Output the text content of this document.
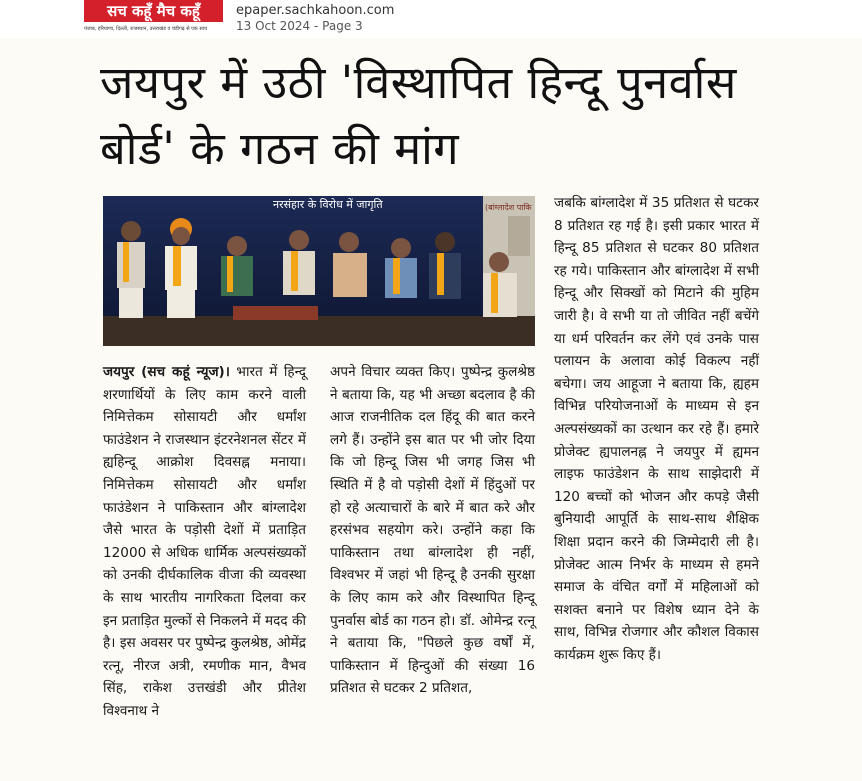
सच कहूँ मैच कहूँ
पंजाब, हरियाणा, दिल्ली, राजस्थान, उत्तराखंड व चंडीगढ़ से एक साथ
epaper.sachkahoon.com
13 Oct 2024 - Page 3
जयपुर में उठी 'विस्थापित हिन्दू पुनर्वास बोर्ड' के गठन की मांग
नरसंहार के विरोध में जागृति	(बांग्लादेश पाकि

जयपुर (सच कहूं न्यूज)। भारत में हिन्दू शरणार्थियों के लिए काम करने वाली निमित्तेकम सोसायटी और धर्मांश फाउंडेशन ने राजस्थान इंटरनेशनल सेंटर में ह्यहिन्दू आक्रोश दिवसह्न मनाया। निमित्तेकम सोसायटी और धर्मांश फाउंडेशन ने पाकिस्तान और बांग्लादेश जैसे भारत के पड़ोसी देशों में प्रताड़ित 12000 से अधिक धार्मिक अल्पसंख्यकों को उनकी दीर्घकालिक वीजा की व्यवस्था के साथ भारतीय नागरिकता दिलवा कर इन प्रताड़ित मुल्कों से निकलने में मदद की है। इस अवसर पर पुष्पेन्द्र कुलश्रेष्ठ, ओमेंद्र रत्नू, नीरज अत्री, रमणीक मान, वैभव सिंह, राकेश उत्तखंडी और प्रीतेश विश्वनाथ ने

अपने विचार व्यक्त किए। पुष्पेन्द्र कुलश्रेष्ठ ने बताया कि, यह भी अच्छा बदलाव है की आज राजनीतिक दल हिंदू की बात करने लगे हैं। उन्होंने इस बात पर भी जोर दिया कि जो हिन्दू जिस भी जगह जिस भी स्थिति में है वो पड़ोसी देशों में हिंदुओं पर हो रहे अत्याचारों के बारे में बात करे और हरसंभव सहयोग करे। उन्होंने कहा कि पाकिस्तान तथा बांग्लादेश ही नहीं, विश्वभर में जहां भी हिन्दू है उनकी सुरक्षा के लिए काम करे और विस्थापित हिन्दू पुनर्वास बोर्ड का गठन हो। डॉ. ओमेन्द्र रत्नू ने बताया कि, "पिछले कुछ वर्षों में, पाकिस्तान में हिन्दुओं की संख्या 16 प्रतिशत से घटकर 2 प्रतिशत,

जबकि बांग्लादेश में 35 प्रतिशत से घटकर 8 प्रतिशत रह गई है। इसी प्रकार भारत में हिन्दू 85 प्रतिशत से घटकर 80 प्रतिशत रह गये। पाकिस्तान और बांग्लादेश में सभी हिन्दू और सिक्खों को मिटाने की मुहिम जारी है। वे सभी या तो जीवित नहीं बचेंगे या धर्म परिवर्तन कर लेंगे एवं उनके पास पलायन के अलावा कोई विकल्प नहीं बचेगा। जय आहूजा ने बताया कि, ह्यहम विभिन्न परियोजनाओं के माध्यम से इन अल्पसंख्यकों का उत्थान कर रहे हैं। हमारे प्रोजेक्ट ह्यपालनह्न ने जयपुर में ह्यमन लाइफ फाउंडेशन के साथ साझेदारी में 120 बच्चों को भोजन और कपड़े जैसी बुनियादी आपूर्ति के साथ-साथ शैक्षिक शिक्षा प्रदान करने की जिम्मेदारी ली है। प्रोजेक्ट आत्म निर्भर के माध्यम से हमने समाज के वंचित वर्गों में महिलाओं को सशक्त बनाने पर विशेष ध्यान देने के साथ, विभिन्न रोजगार और कौशल विकास कार्यक्रम शुरू किए हैं।
